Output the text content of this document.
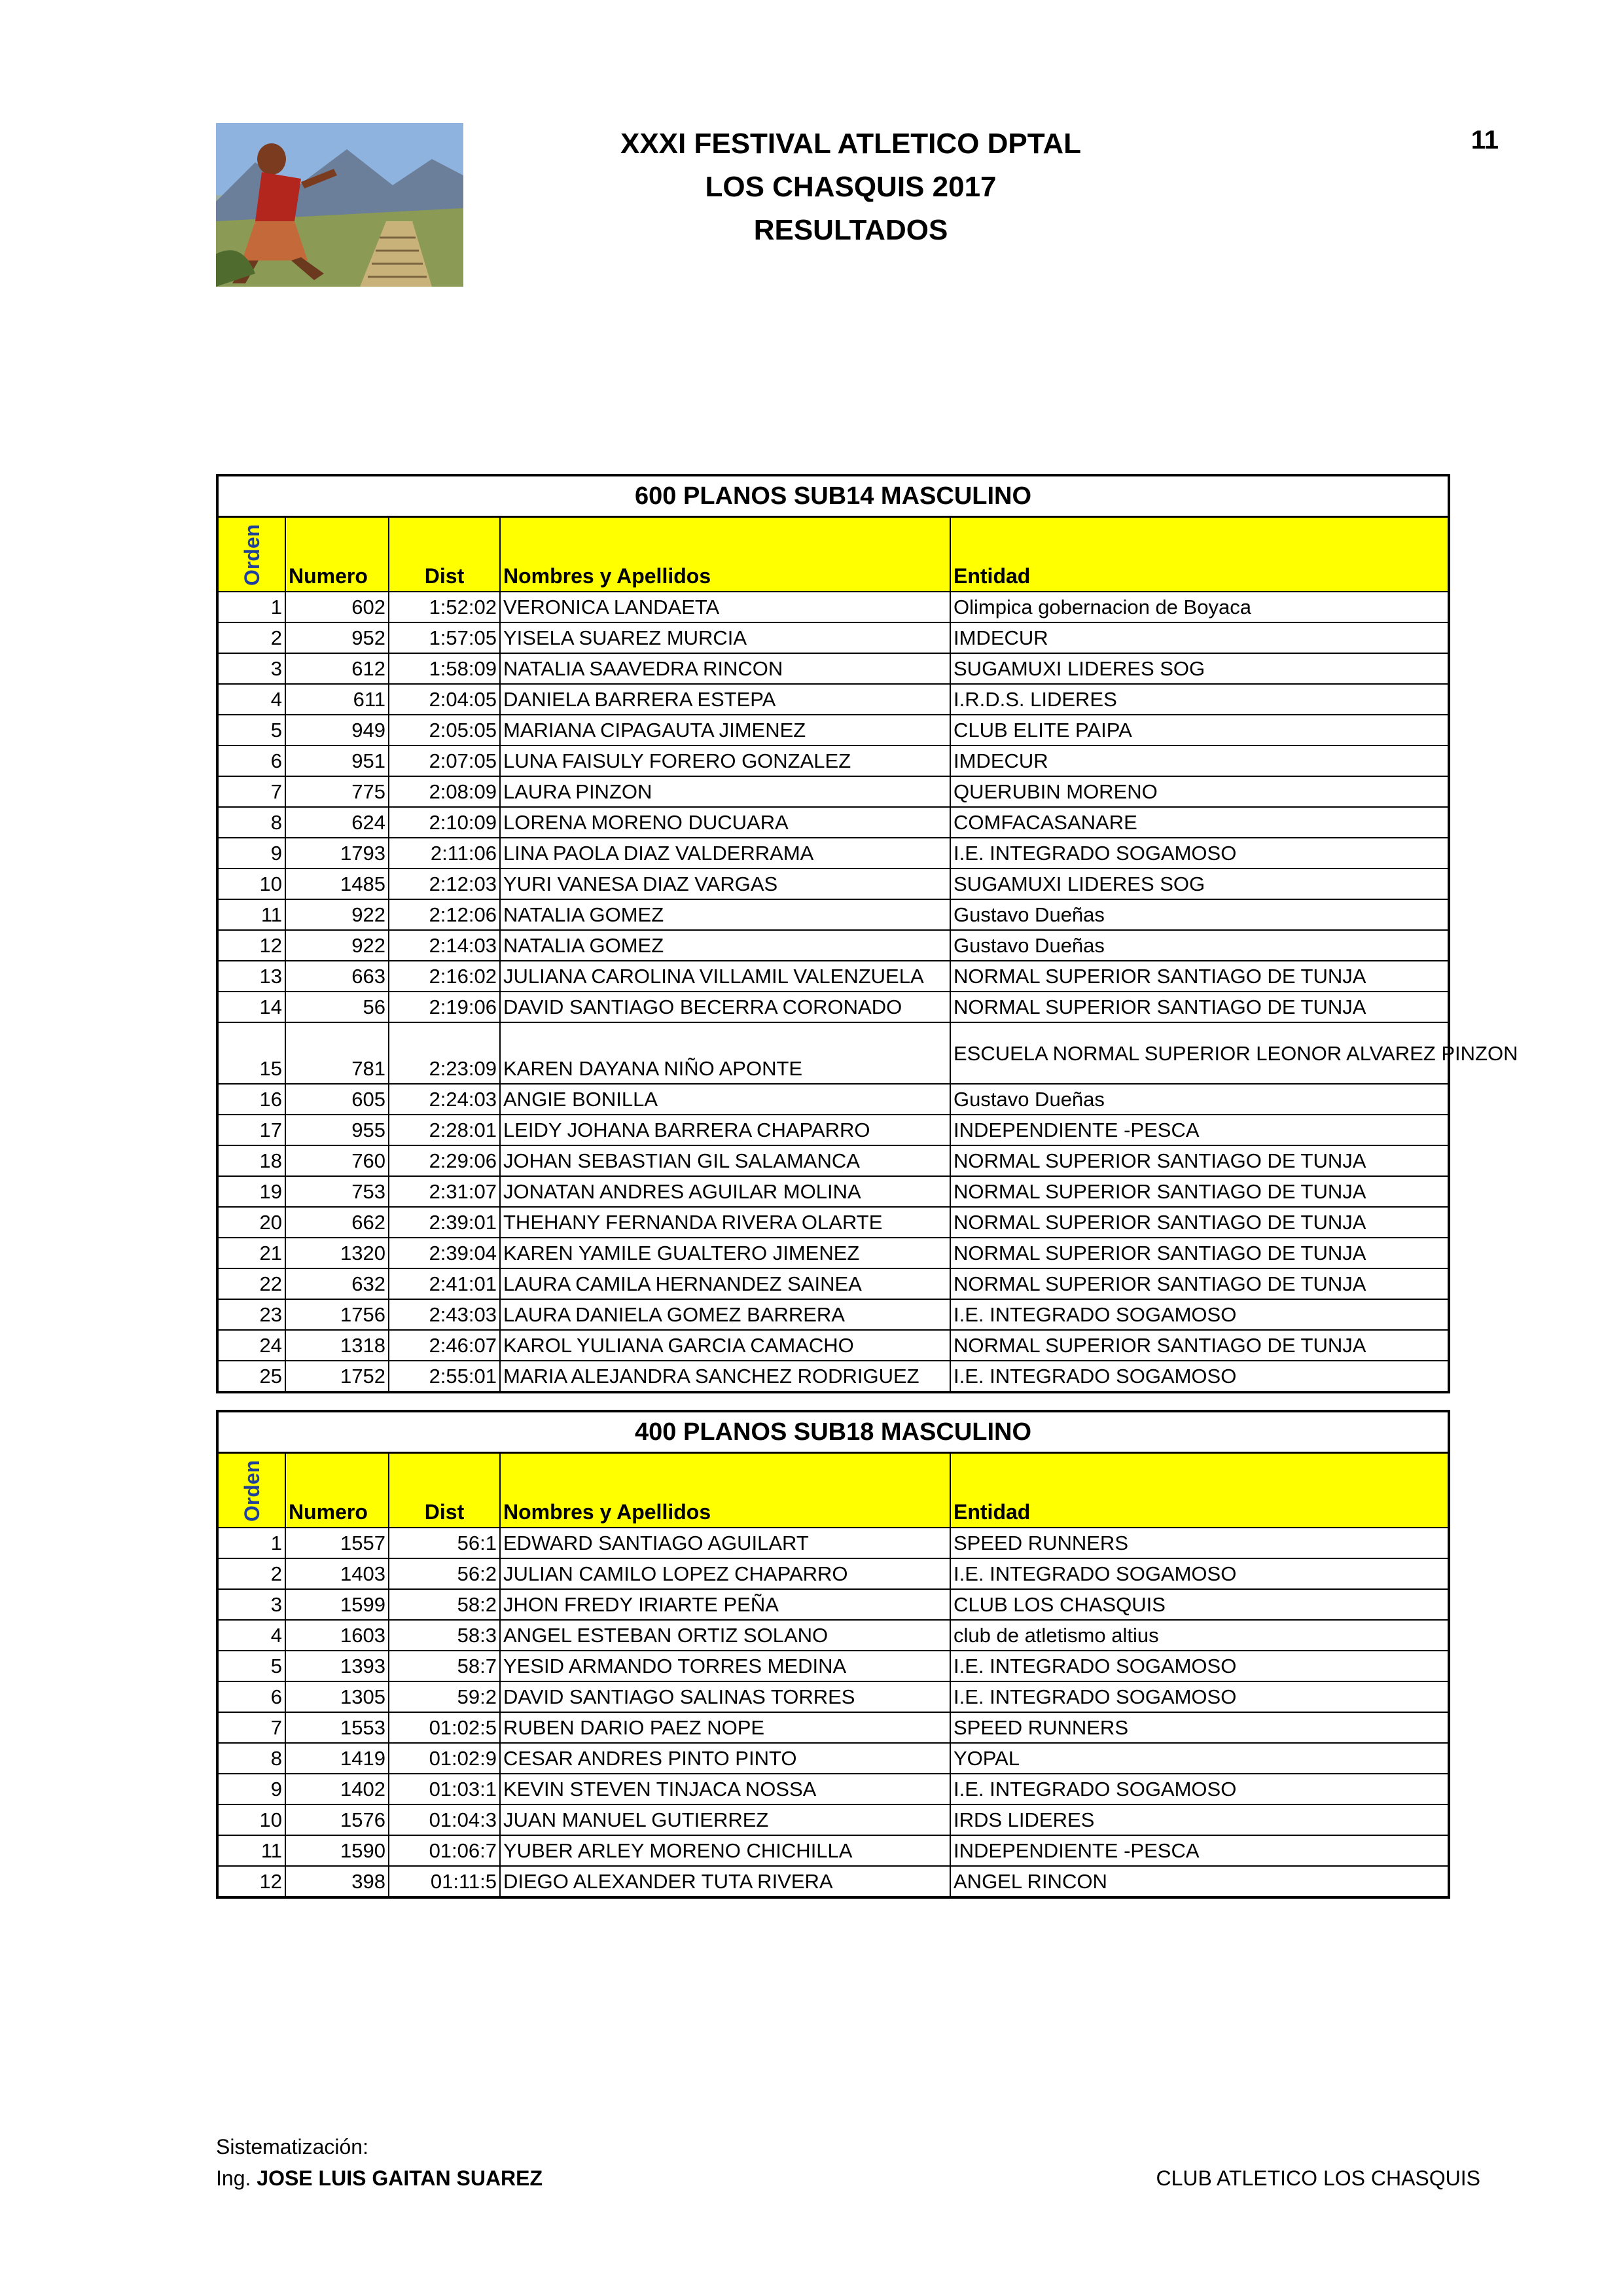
XXXI FESTIVAL ATLETICO DPTAL
LOS CHASQUIS 2017
RESULTADOS
11
600 PLANOS SUB14 MASCULINO				

Orden	Numero	Dist	Nombres y Apellidos	Entidad
1	602	1:52:02	VERONICA LANDAETA	Olimpica gobernacion de Boyaca
2	952	1:57:05	YISELA SUAREZ MURCIA	IMDECUR
3	612	1:58:09	NATALIA SAAVEDRA RINCON	SUGAMUXI LIDERES SOG
4	611	2:04:05	DANIELA BARRERA ESTEPA	I.R.D.S. LIDERES
5	949	2:05:05	MARIANA CIPAGAUTA JIMENEZ	CLUB ELITE PAIPA
6	951	2:07:05	LUNA FAISULY FORERO GONZALEZ	IMDECUR
7	775	2:08:09	LAURA PINZON	QUERUBIN MORENO
8	624	2:10:09	LORENA MORENO DUCUARA	COMFACASANARE
9	1793	2:11:06	LINA PAOLA DIAZ VALDERRAMA	I.E. INTEGRADO SOGAMOSO
10	1485	2:12:03	YURI VANESA DIAZ VARGAS	SUGAMUXI LIDERES SOG
11	922	2:12:06	NATALIA GOMEZ	Gustavo Dueñas
12	922	2:14:03	NATALIA GOMEZ	Gustavo Dueñas
13	663	2:16:02	JULIANA CAROLINA VILLAMIL VALENZUELA	NORMAL SUPERIOR SANTIAGO DE TUNJA
14	56	2:19:06	DAVID SANTIAGO BECERRA CORONADO	NORMAL SUPERIOR SANTIAGO DE TUNJA
15	781	2:23:09	KAREN DAYANA NIÑO APONTE	ESCUELA NORMAL SUPERIOR LEONOR ALVAREZ PINZON
16	605	2:24:03	ANGIE BONILLA	Gustavo Dueñas
17	955	2:28:01	LEIDY JOHANA BARRERA CHAPARRO	INDEPENDIENTE -PESCA
18	760	2:29:06	JOHAN SEBASTIAN GIL SALAMANCA	NORMAL SUPERIOR SANTIAGO DE TUNJA
19	753	2:31:07	JONATAN ANDRES AGUILAR MOLINA	NORMAL SUPERIOR SANTIAGO DE TUNJA
20	662	2:39:01	THEHANY FERNANDA RIVERA OLARTE	NORMAL SUPERIOR SANTIAGO DE TUNJA
21	1320	2:39:04	KAREN YAMILE GUALTERO JIMENEZ	NORMAL SUPERIOR SANTIAGO DE TUNJA
22	632	2:41:01	LAURA CAMILA HERNANDEZ SAINEA	NORMAL SUPERIOR SANTIAGO DE TUNJA
23	1756	2:43:03	LAURA DANIELA GOMEZ BARRERA	I.E. INTEGRADO SOGAMOSO
24	1318	2:46:07	KAROL YULIANA GARCIA CAMACHO	NORMAL SUPERIOR SANTIAGO DE TUNJA
25	1752	2:55:01	MARIA ALEJANDRA SANCHEZ RODRIGUEZ	I.E. INTEGRADO SOGAMOSO
400 PLANOS SUB18 MASCULINO				

Orden	Numero	Dist	Nombres y Apellidos	Entidad
1	1557	56:1	EDWARD SANTIAGO AGUILART	SPEED RUNNERS
2	1403	56:2	JULIAN CAMILO LOPEZ CHAPARRO	I.E. INTEGRADO SOGAMOSO
3	1599	58:2	JHON FREDY IRIARTE PEÑA	CLUB LOS CHASQUIS
4	1603	58:3	ANGEL ESTEBAN ORTIZ SOLANO	club de atletismo altius
5	1393	58:7	YESID ARMANDO TORRES MEDINA	I.E. INTEGRADO SOGAMOSO
6	1305	59:2	DAVID SANTIAGO SALINAS TORRES	I.E. INTEGRADO SOGAMOSO
7	1553	01:02:5	RUBEN DARIO PAEZ NOPE	SPEED RUNNERS
8	1419	01:02:9	CESAR ANDRES PINTO PINTO	YOPAL
9	1402	01:03:1	KEVIN STEVEN TINJACA NOSSA	I.E. INTEGRADO SOGAMOSO
10	1576	01:04:3	JUAN MANUEL GUTIERREZ	IRDS LIDERES
11	1590	01:06:7	YUBER ARLEY MORENO CHICHILLA	INDEPENDIENTE -PESCA
12	398	01:11:5	DIEGO ALEXANDER TUTA RIVERA	ANGEL RINCON
Sistematización:
Ing. JOSE LUIS GAITAN SUAREZ	CLUB ATLETICO LOS CHASQUIS
